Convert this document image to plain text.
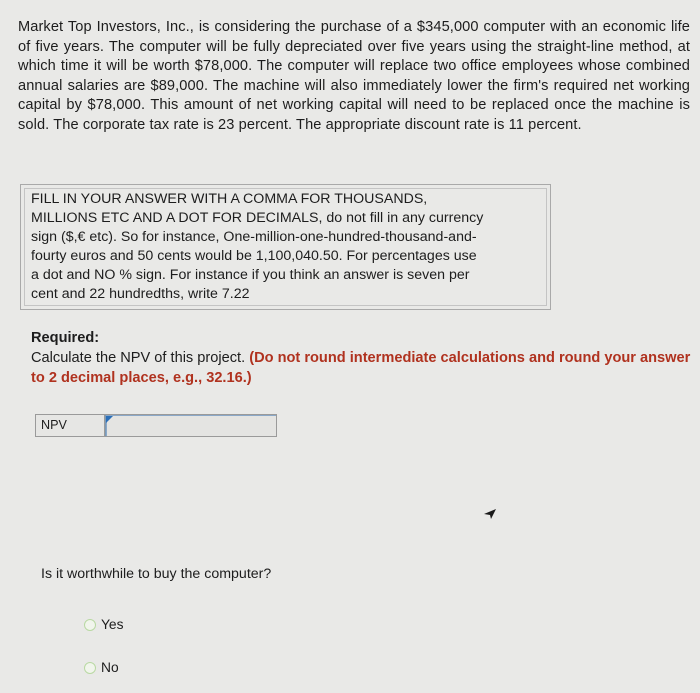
Market Top Investors, Inc., is considering the purchase of a $345,000 computer with an economic life of five years. The computer will be fully depreciated over five years using the straight-line method, at which time it will be worth $78,000. The computer will replace two office employees whose combined annual salaries are $89,000. The machine will also immediately lower the firm's required net working capital by $78,000. This amount of net working capital will need to be replaced once the machine is sold. The corporate tax rate is 23 percent. The appropriate discount rate is 11 percent.
FILL IN YOUR ANSWER WITH A COMMA FOR THOUSANDS,
MILLIONS ETC AND A DOT FOR DECIMALS, do not fill in any currency
sign ($,€ etc). So for instance, One-million-one-hundred-thousand-and-
fourty euros and 50 cents would be 1,100,040.50. For percentages use
a dot and NO % sign. For instance if you think an answer is seven per
cent and 22 hundredths, write 7.22
Required:
Calculate the NPV of this project. (Do not round intermediate calculations and round your answer to 2 decimal places, e.g., 32.16.)
NPV
Is it worthwhile to buy the computer?
Yes
No
